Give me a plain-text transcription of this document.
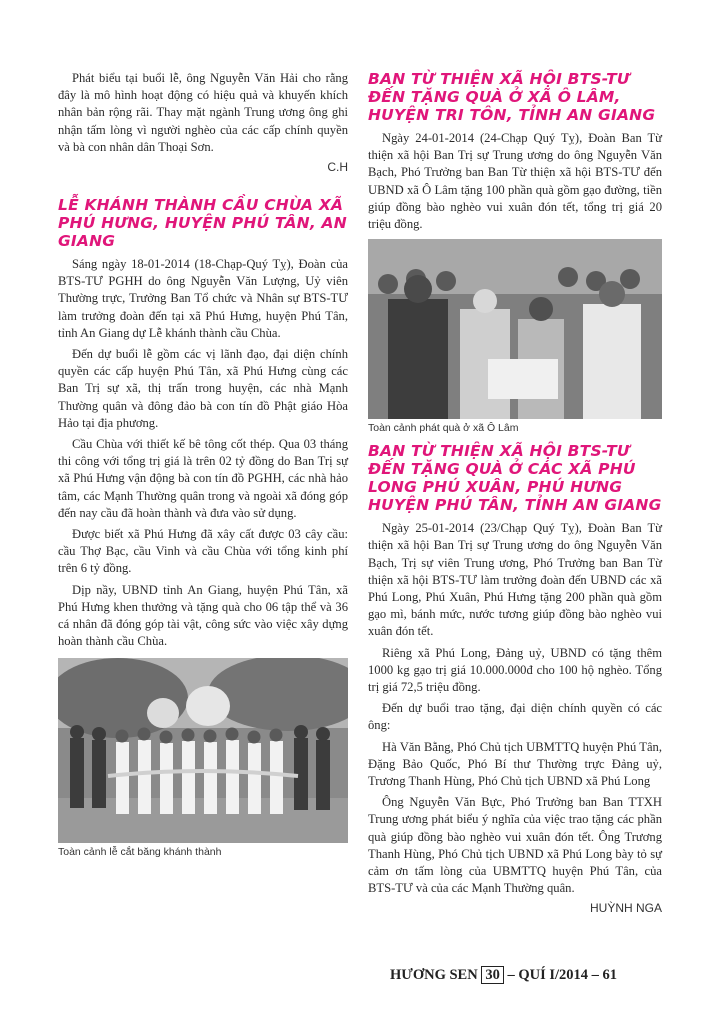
Phát biểu tại buổi lễ, ông Nguyễn Văn Hải cho rằng đây là mô hình hoạt động có hiệu quả và khuyến khích nhân bản rộng rãi. Thay mặt ngành Trung ương ông ghi nhận tấm lòng vì người nghèo của các cấp chính quyền và bà con nhân dân Thoại Sơn.

C.H
LỄ KHÁNH THÀNH CẦU CHÙA XÃ PHÚ HƯNG, HUYỆN PHÚ TÂN, AN GIANG

Sáng ngày 18-01-2014 (18-Chạp-Quý Tỵ), Đoàn của BTS-TƯ PGHH do ông Nguyễn Văn Lượng, Uỷ viên Thường trực, Trưởng Ban Tổ chức và Nhân sự BTS-TƯ làm trưởng đoàn đến tại xã Phú Hưng, huyện Phú Tân, tỉnh An Giang dự Lễ khánh thành cầu Chùa.

Đến dự buổi lễ gồm các vị lãnh đạo, đại diện chính quyền các cấp huyện Phú Tân, xã Phú Hưng cùng các Ban Trị sự xã, thị trấn trong huyện, các nhà Mạnh Thường quân và đông đảo bà con tín đồ Phật giáo Hòa Hảo tại địa phương.

Cầu Chùa với thiết kế bê tông cốt thép. Qua 03 tháng thi công với tổng trị giá là trên 02 tỷ đồng do Ban Trị sự xã Phú Hưng vận động bà con tín đồ PGHH, các nhà hảo tâm, các Mạnh Thường quân trong và ngoài xã đóng góp đến nay cầu đã hoàn thành và đưa vào sử dụng.

Được biết xã Phú Hưng đã xây cất được 03 cây cầu: cầu Thợ Bạc, cầu Vinh và cầu Chùa với tổng kinh phí trên 6 tỷ đồng.

Dịp nầy, UBND tỉnh An Giang, huyện Phú Tân, xã Phú Hưng khen thưởng và tặng quà cho 06 tập thể và 36 cá nhân đã đóng góp tài vật, công sức vào việc xây dựng hoàn thành cầu Chùa.

Toàn cảnh lễ cắt băng khánh thành
BAN TỪ THIỆN XÃ HỘI BTS-TƯ ĐẾN TẶNG QUÀ Ở XÃ Ô LÂM, HUYỆN TRI TÔN, TỈNH AN GIANG

Ngày 24-01-2014 (24-Chạp Quý Tỵ), Đoàn Ban Từ thiện xã hội Ban Trị sự Trung ương do ông Nguyễn Văn Bạch, Phó Trưởng ban Ban Từ thiện xã hội BTS-TƯ đến UBND xã Ô Lâm tặng 100 phần quà gồm gạo đường, tiền giúp đồng bào nghèo vui xuân đón tết, tổng trị giá 20 triệu đồng.

Toàn cảnh phát quà ở xã Ô Lâm
BAN TỪ THIỆN XÃ HỘI BTS-TƯ ĐẾN TẶNG QUÀ Ở CÁC XÃ PHÚ LONG PHÚ XUÂN, PHÚ HƯNG HUYỆN PHÚ TÂN, TỈNH AN GIANG

Ngày 25-01-2014 (23/Chạp Quý Tỵ), Đoàn Ban Từ thiện xã hội Ban Trị sự Trung ương do ông Nguyễn Văn Bạch, Trị sự viên Trung ương, Phó Trưởng ban Ban Từ thiện xã hội BTS-TƯ làm trưởng đoàn đến UBND các xã Phú Long, Phú Xuân, Phú Hưng tặng 200 phần quà gồm gạo mì, bánh mức, nước tương giúp đồng bào nghèo vui xuân đón tết.

Riêng xã Phú Long, Đảng uỷ, UBND có tặng thêm 1000 kg gạo trị giá 10.000.000đ cho 100 hộ nghèo. Tổng trị giá 72,5 triệu đồng.

Đến dự buổi trao tặng, đại diện chính quyền có các ông:

Hà Văn Bằng, Phó Chủ tịch UBMTTQ huyện Phú Tân, Đặng Bảo Quốc, Phó Bí thư Thường trực Đảng uỷ, Trương Thanh Hùng, Phó Chủ tịch UBND xã Phú Long

Ông Nguyễn Văn Bực, Phó Trưởng ban Ban TTXH Trung ương phát biểu ý nghĩa của việc trao tặng các phần quà giúp đồng bào nghèo vui xuân đón tết. Ông Trương Thanh Hùng, Phó Chủ tịch UBND xã Phú Long bày tỏ sự cảm ơn tấm lòng của UBMTTQ huyện Phú Tân, của BTS-TƯ và của các Mạnh Thường quân.

HUỲNH NGA
HƯƠNG SEN 30 – QUÍ I/2014 – 61
